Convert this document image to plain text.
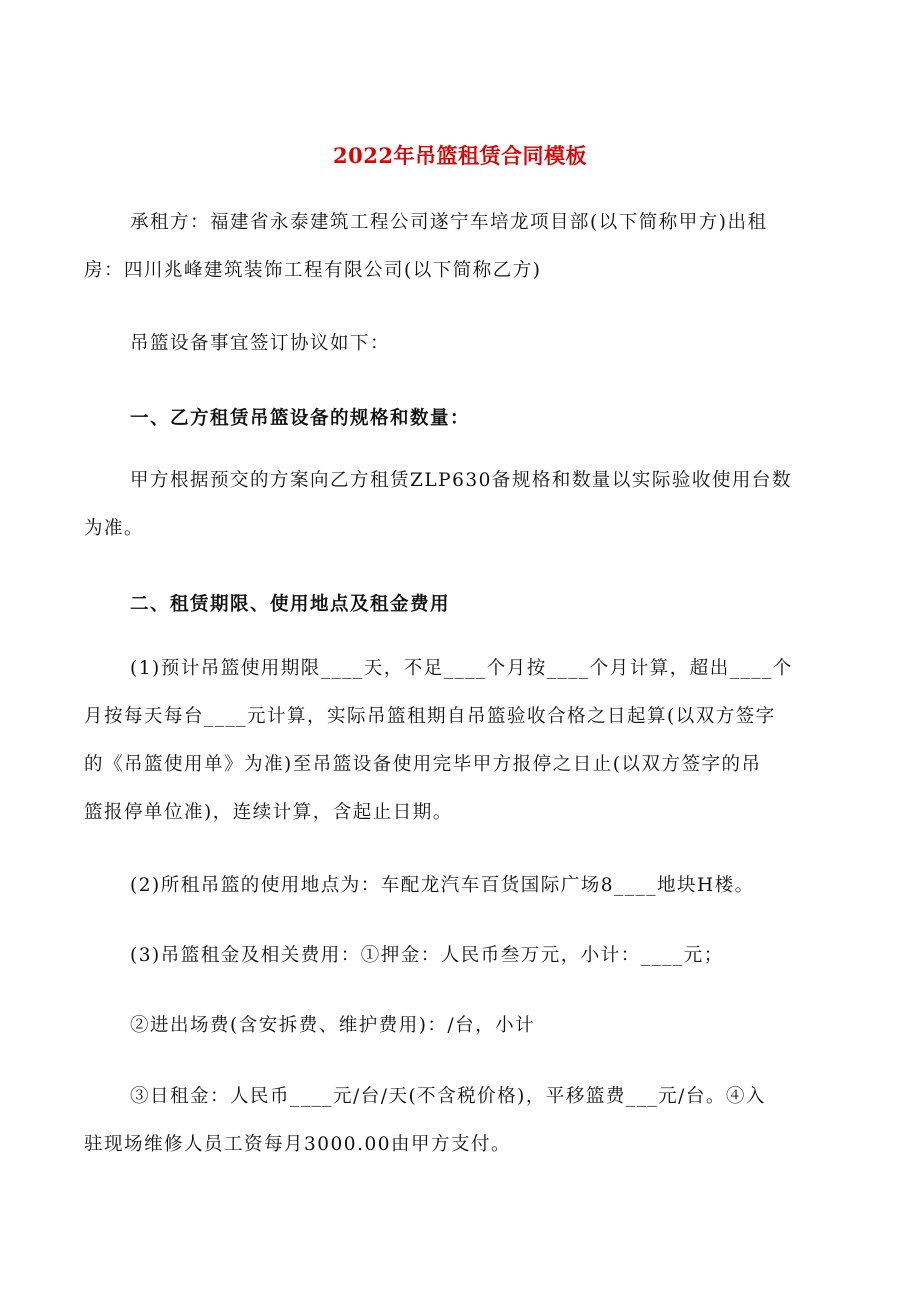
2022年吊篮租赁合同模板
承租方：福建省永泰建筑工程公司遂宁车培龙项目部(以下简称甲方)出租
房：四川兆峰建筑装饰工程有限公司(以下简称乙方)
吊篮设备事宜签订协议如下：
一、乙方租赁吊篮设备的规格和数量：
甲方根据预交的方案向乙方租赁ZLP630备规格和数量以实际验收使用台数
为准。
二、租赁期限、使用地点及租金费用
(1)预计吊篮使用期限____天，不足____个月按____个月计算，超出____个
月按每天每台____元计算，实际吊篮租期自吊篮验收合格之日起算(以双方签字
的《吊篮使用单》为准)至吊篮设备使用完毕甲方报停之日止(以双方签字的吊
篮报停单位准)，连续计算，含起止日期。
(2)所租吊篮的使用地点为：车配龙汽车百货国际广场8____地块H楼。
(3)吊篮租金及相关费用：①押金：人民币叁万元，小计：____元；
②进出场费(含安拆费、维护费用)：/台，小计
③日租金：人民币____元/台/天(不含税价格)，平移篮费___元/台。④入
驻现场维修人员工资每月3000.00由甲方支付。
